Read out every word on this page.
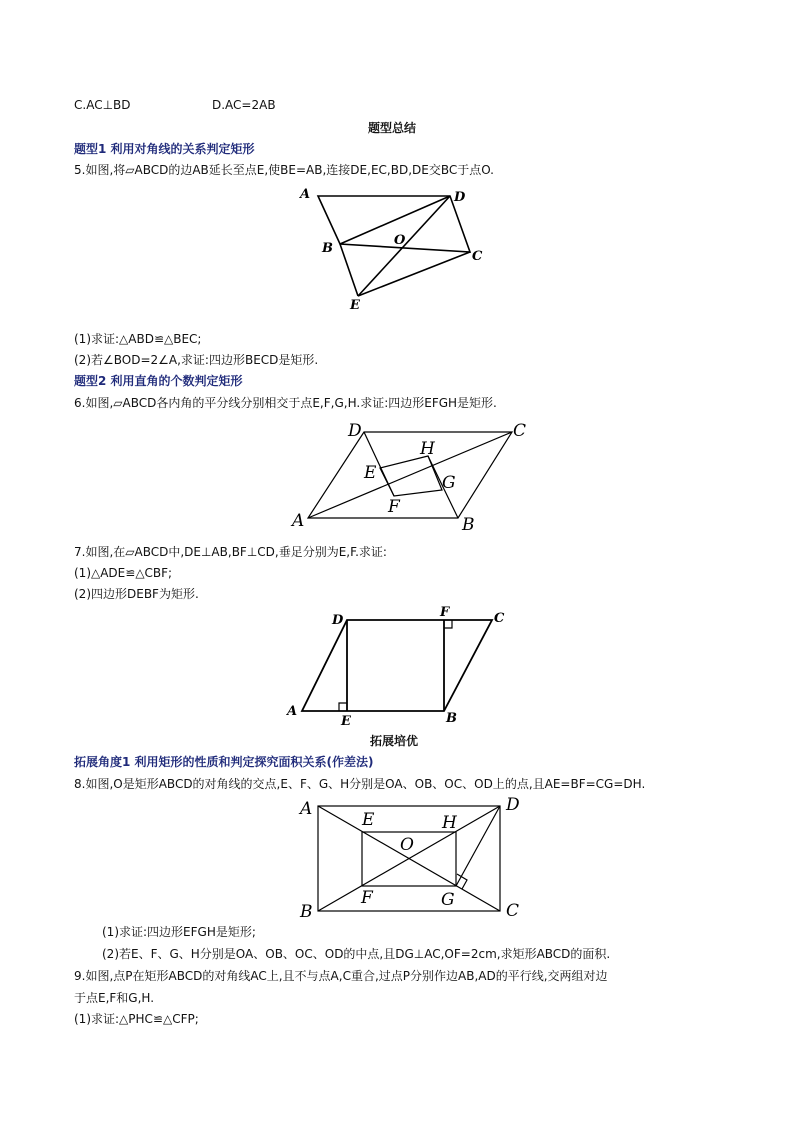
C.AC⊥BD	D.AC=2AB
题型总结
题型1 利用对角线的关系判定矩形
5.如图,将▱ABCD的边AB延长至点E,使BE=AB,连接DE,EC,BD,DE交BC于点O.
A	D
B
C
O
E
(1)求证:△ABD≌△BEC;
(2)若∠BOD=2∠A,求证:四边形BECD是矩形.
题型2 利用直角的个数判定矩形
6.如图,▱ABCD各内角的平分线分别相交于点E,F,G,H.求证:四边形EFGH是矩形.
D	C
H
E	G
F
A	B
7.如图,在▱ABCD中,DE⊥AB,BF⊥CD,垂足分别为E,F.求证:
(1)△ADE≌△CBF;
(2)四边形DEBF为矩形.
D
F	C
A
E	B
拓展培优
拓展角度1 利用矩形的性质和判定探究面积关系(作差法)
8.如图,O是矩形ABCD的对角线的交点,E、F、G、H分别是OA、OB、OC、OD上的点,且AE=BF=CG=DH.
A	D
E	H
O
F	G
B	C
(1)求证:四边形EFGH是矩形;
(2)若E、F、G、H分别是OA、OB、OC、OD的中点,且DG⊥AC,OF=2cm,求矩形ABCD的面积.
9.如图,点P在矩形ABCD的对角线AC上,且不与点A,C重合,过点P分别作边AB,AD的平行线,交两组对边
于点E,F和G,H.
(1)求证:△PHC≌△CFP;
